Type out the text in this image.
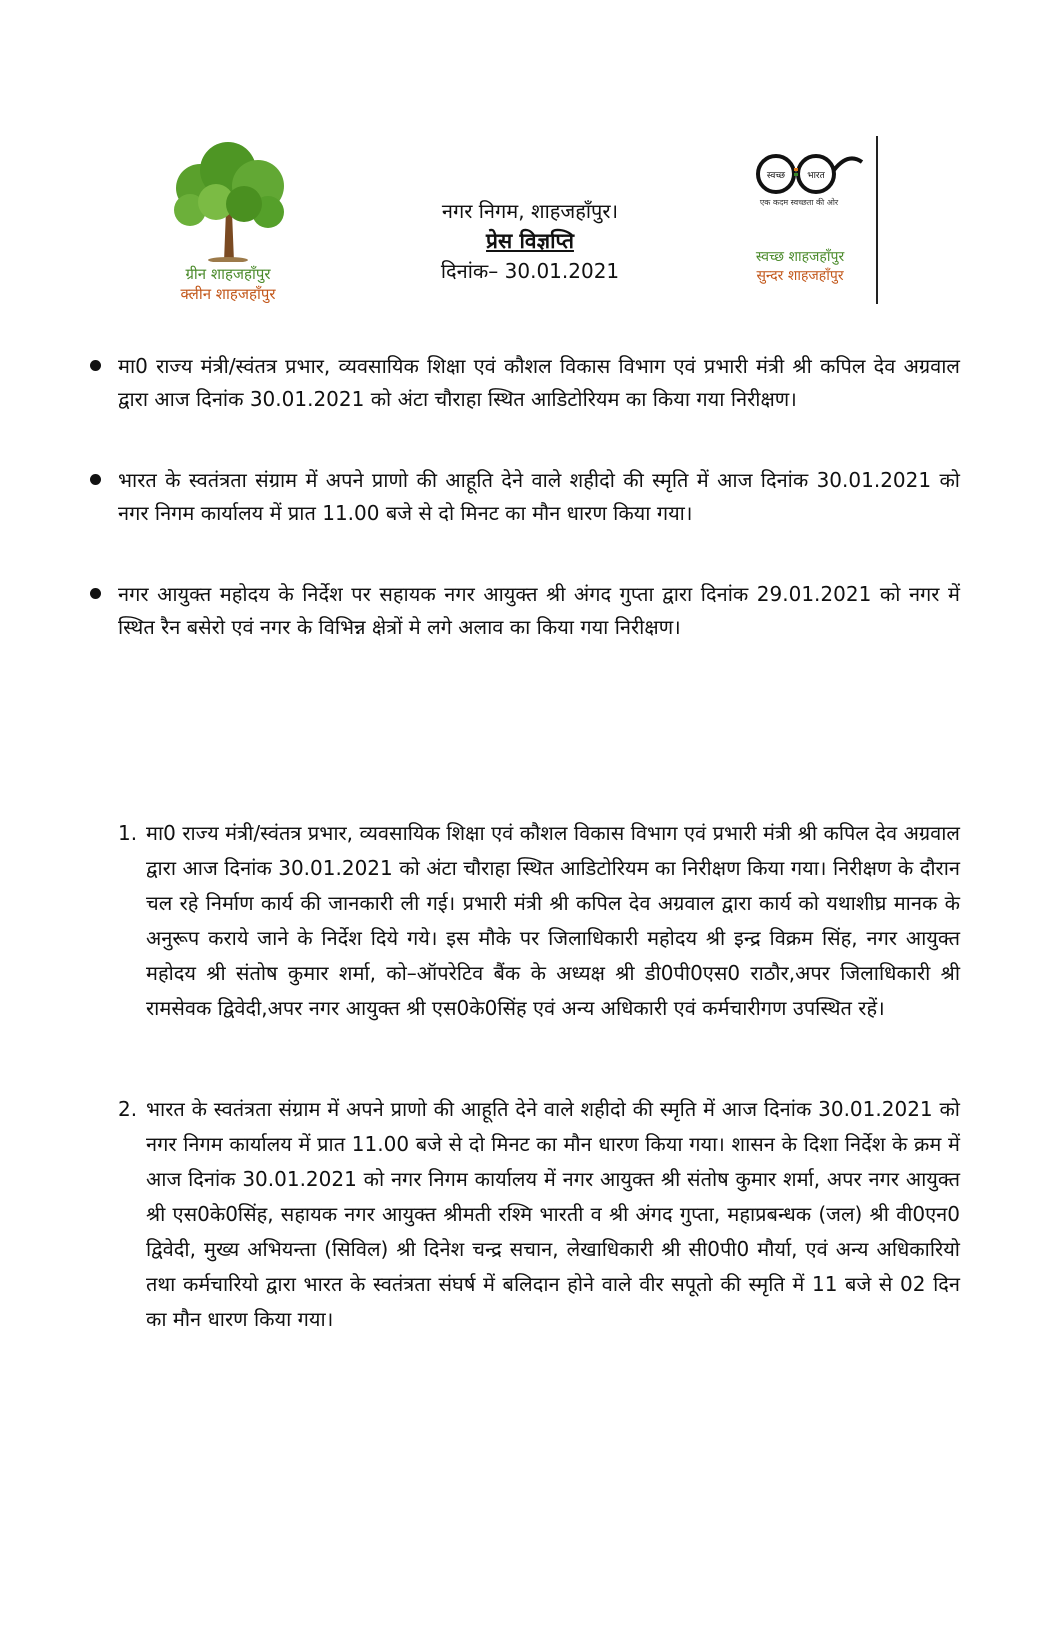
ग्रीन शाहजहाँपुर
क्लीन शाहजहाँपुर
स्वच्छ भारत
एक कदम स्वच्छता की ओर
स्वच्छ शाहजहाँपुर
सुन्दर शाहजहाँपुर
नगर निगम, शाहजहाँपुर।
प्रेस विज्ञप्ति
दिनांक– 30.01.2021

मा0 राज्य मंत्री/स्वंतत्र प्रभार, व्यवसायिक शिक्षा एवं कौशल विकास विभाग एवं प्रभारी मंत्री श्री कपिल देव अग्रवाल द्वारा आज दिनांक 30.01.2021 को अंटा चौराहा स्थित आडिटोरियम का किया गया निरीक्षण।

भारत के स्वतंत्रता संग्राम में अपने प्राणो की आहूति देने वाले शहीदो की स्मृति में आज दिनांक 30.01.2021 को नगर निगम कार्यालय में प्रात 11.00 बजे से दो मिनट का मौन धारण किया गया।

नगर आयुक्त महोदय के निर्देश पर सहायक नगर आयुक्त श्री अंगद गुप्ता द्वारा दिनांक 29.01.2021 को नगर में स्थित रैन बसेरो एवं नगर के विभिन्न क्षेत्रों मे लगे अलाव का किया गया निरीक्षण।

1. मा0 राज्य मंत्री/स्वंतत्र प्रभार, व्यवसायिक शिक्षा एवं कौशल विकास विभाग एवं प्रभारी मंत्री श्री कपिल देव अग्रवाल द्वारा आज दिनांक 30.01.2021 को अंटा चौराहा स्थित आडिटोरियम का निरीक्षण किया गया। निरीक्षण के दौरान चल रहे निर्माण कार्य की जानकारी ली गई। प्रभारी मंत्री श्री कपिल देव अग्रवाल द्वारा कार्य को यथाशीघ्र मानक के अनुरूप कराये जाने के निर्देश दिये गये। इस मौके पर जिलाधिकारी महोदय श्री इन्द्र विक्रम सिंह, नगर आयुक्त महोदय श्री संतोष कुमार शर्मा, को–ऑपरेटिव बैंक के अध्यक्ष श्री डी0पी0एस0 राठौर,अपर जिलाधिकारी श्री रामसेवक द्विवेदी,अपर नगर आयुक्त श्री एस0के0सिंह एवं अन्य अधिकारी एवं कर्मचारीगण उपस्थित रहें।

2. भारत के स्वतंत्रता संग्राम में अपने प्राणो की आहूति देने वाले शहीदो की स्मृति में आज दिनांक 30.01.2021 को नगर निगम कार्यालय में प्रात 11.00 बजे से दो मिनट का मौन धारण किया गया। शासन के दिशा निर्देश के क्रम में आज दिनांक 30.01.2021 को नगर निगम कार्यालय में नगर आयुक्त श्री संतोष कुमार शर्मा, अपर नगर आयुक्त श्री एस0के0सिंह, सहायक नगर आयुक्त श्रीमती रश्मि भारती व श्री अंगद गुप्ता, महाप्रबन्धक (जल) श्री वी0एन0 द्विवेदी, मुख्य अभियन्ता (सिविल) श्री दिनेश चन्द्र सचान, लेखाधिकारी श्री सी0पी0 मौर्या, एवं अन्य अधिकारियो तथा कर्मचारियो द्वारा भारत के स्वतंत्रता संघर्ष में बलिदान होने वाले वीर सपूतो की स्मृति में 11 बजे से 02 दिन का मौन धारण किया गया।
